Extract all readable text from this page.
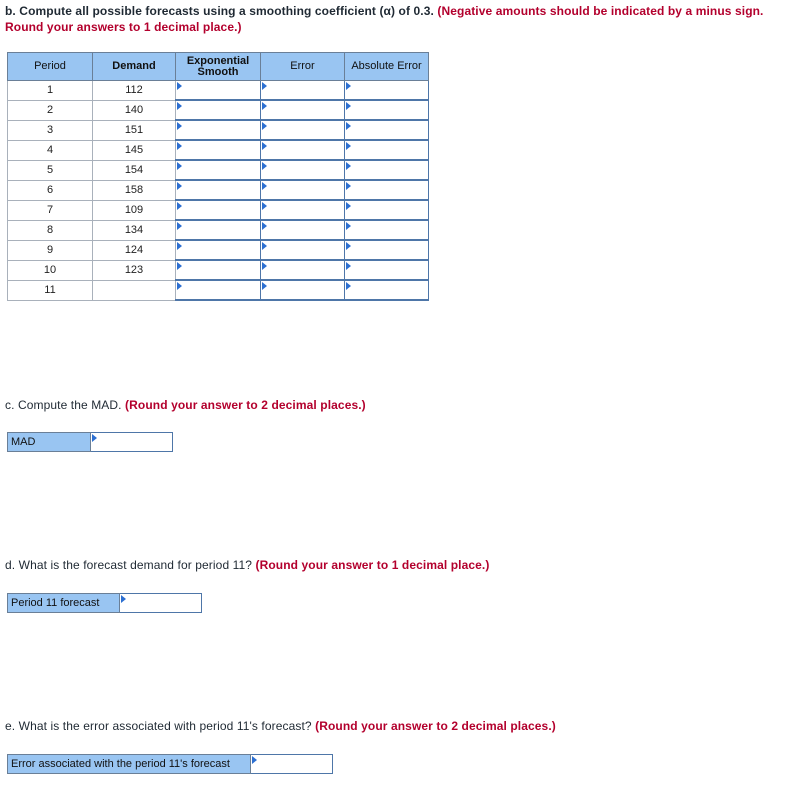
b. Compute all possible forecasts using a smoothing coefficient (α) of 0.3. (Negative amounts should be indicated by a minus sign. Round your answers to 1 decimal place.)
Period	Demand	Exponential Smooth	Error	Absolute Error
1	112	

2	140	

3	151	

4	145	

5	154	

6	158	

7	109	

8	134	

9	124	

10	123	

11		

c. Compute the MAD. (Round your answer to 2 decimal places.)
MAD
d. What is the forecast demand for period 11? (Round your answer to 1 decimal place.)
Period 11 forecast
e. What is the error associated with period 11's forecast? (Round your answer to 2 decimal places.)
Error associated with the period 11's forecast
